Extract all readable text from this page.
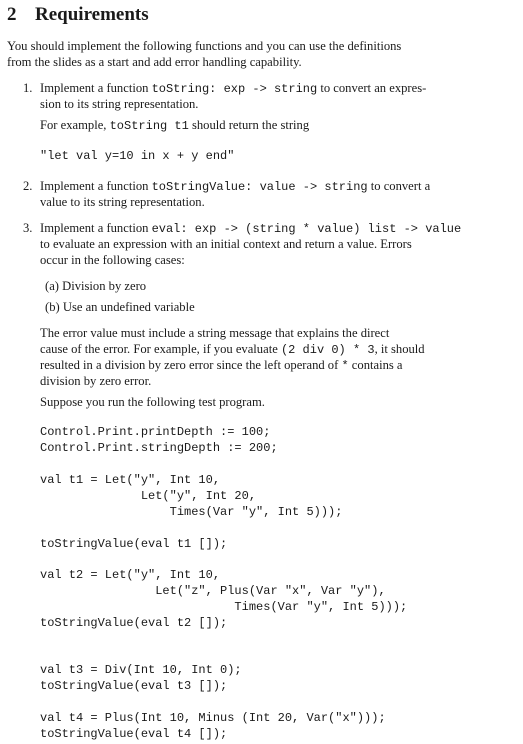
2 Requirements
You should implement the following functions and you can use the definitions
from the slides as a start and add error handling capability.
1. Implement a function toString: exp -> string to convert an expres-
sion to its string representation.
For example, toString t1 should return the string
"let val y=10 in x + y end"
2. Implement a function toStringValue: value -> string to convert a
value to its string representation.
3. Implement a function eval: exp -> (string * value) list -> value
to evaluate an expression with an initial context and return a value. Errors
occur in the following cases:
(a) Division by zero
(b) Use an undefined variable
The error value must include a string message that explains the direct
cause of the error. For example, if you evaluate (2 div 0) * 3, it should
resulted in a division by zero error since the left operand of * contains a
division by zero error.
Suppose you run the following test program.
Control.Print.printDepth := 100;
Control.Print.stringDepth := 200;
val t1 = Let("y", Int 10,
Let("y", Int 20,
Times(Var "y", Int 5)));
toStringValue(eval t1 []);
val t2 = Let("y", Int 10,
Let("z", Plus(Var "x", Var "y"),
Times(Var "y", Int 5)));
toStringValue(eval t2 []);
val t3 = Div(Int 10, Int 0);
toStringValue(eval t3 []);
val t4 = Plus(Int 10, Minus (Int 20, Var("x")));
toStringValue(eval t4 []);
